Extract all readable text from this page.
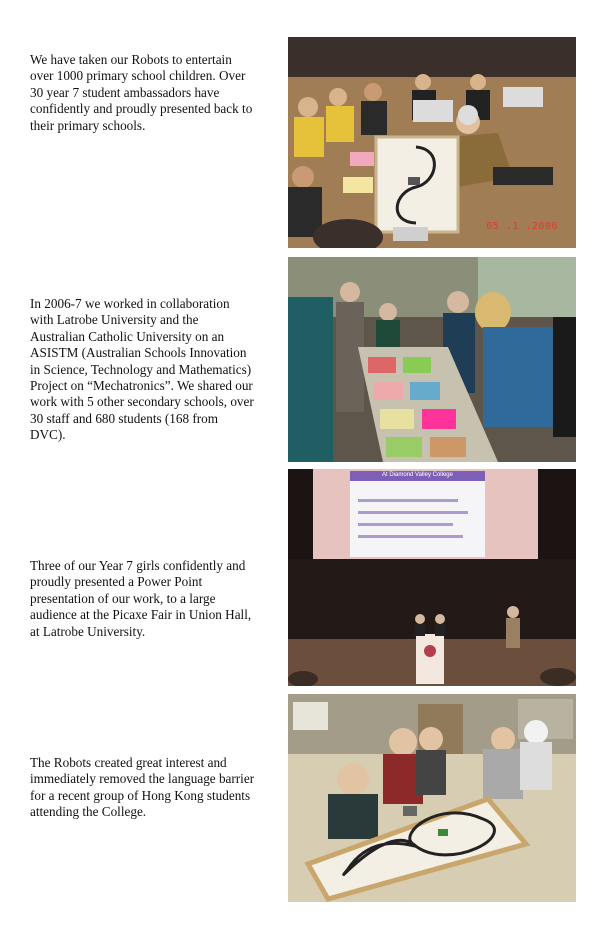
We have taken our Robots to entertain over 1000 primary school children. Over 30 year 7 student ambassadors have confidently and proudly presented back to their primary schools.

05 .1 .2006

In 2006-7 we worked in collaboration with Latrobe University and the Australian Catholic University on an ASISTM (Australian Schools Innovation in Science, Technology and Mathematics) Project on “Mechatronics”. We shared our work with 5 other secondary schools, over 30 staff and 680 students (168 from DVC).

Three of our Year 7 girls confidently and proudly presented a Power Point presentation of our work, to a large audience at the Picaxe Fair in Union Hall, at Latrobe University.

At Diamond Valley College

The Robots created great interest and immediately removed the language barrier for a recent group of Hong Kong students attending the College.
